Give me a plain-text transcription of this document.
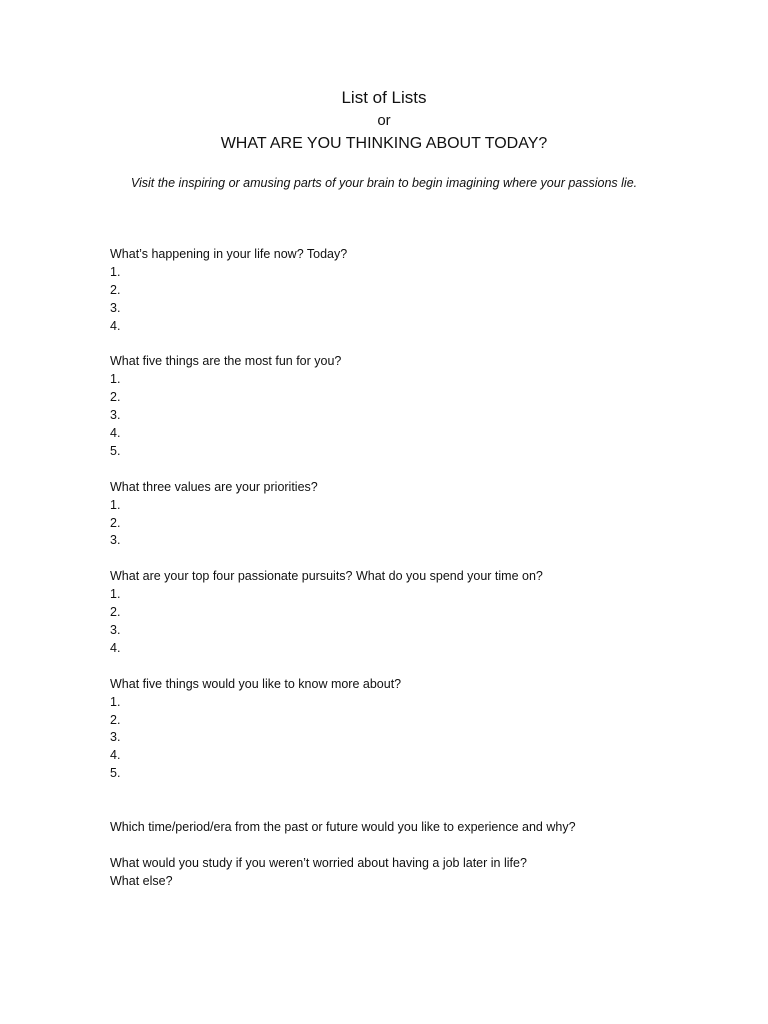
List of Lists
or
WHAT ARE YOU THINKING ABOUT TODAY?
Visit the inspiring or amusing parts of your brain to begin imagining where your passions lie.
What’s happening in your life now? Today?
1.
2.
3.
4.
What five things are the most fun for you?
1.
2.
3.
4.
5.
What three values are your priorities?
1.
2.
3.
What are your top four passionate pursuits? What do you spend your time on?
1.
2.
3.
4.
What five things would you like to know more about?
1.
2.
3.
4.
5.
Which time/period/era from the past or future would you like to experience and why?
What would you study if you weren’t worried about having a job later in life?
What else?
